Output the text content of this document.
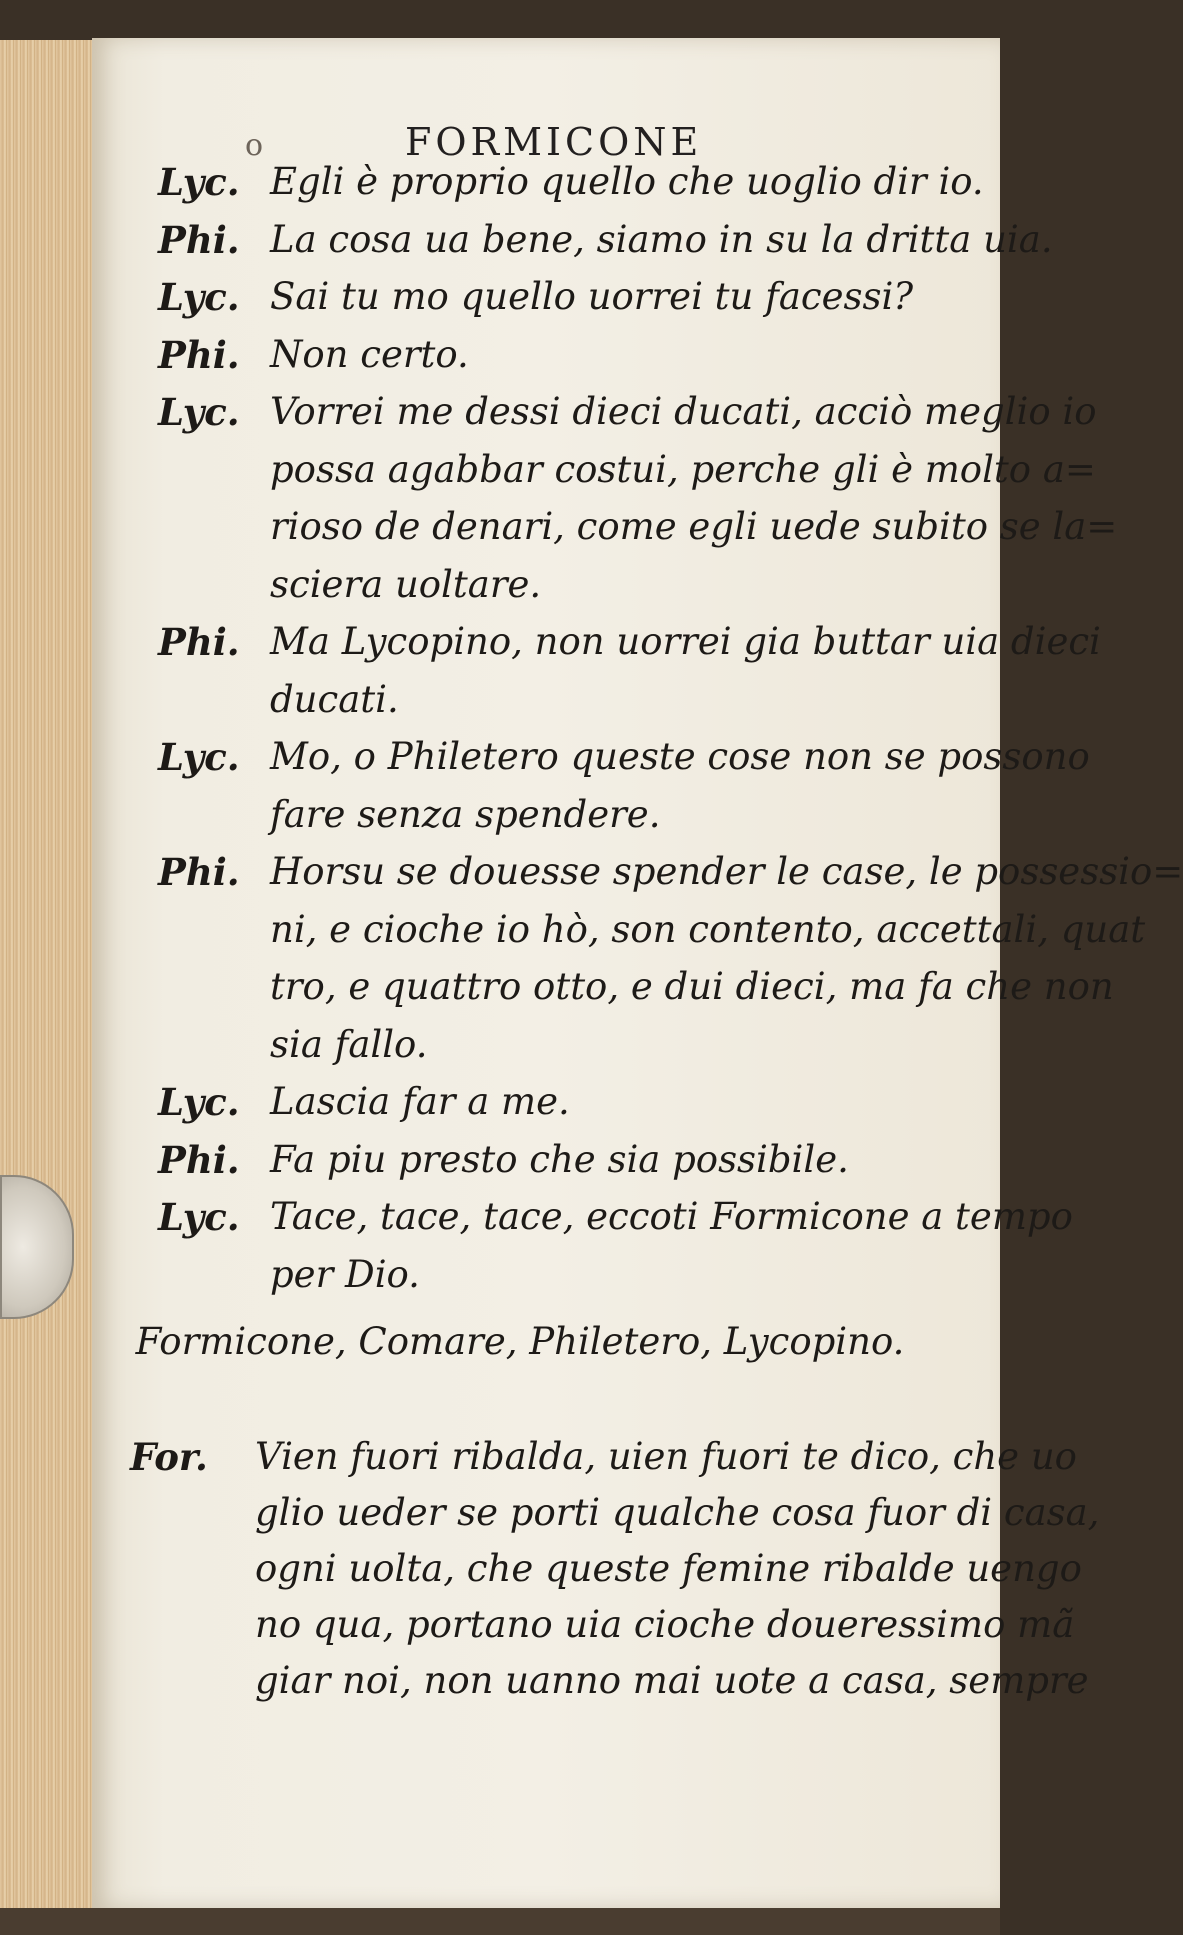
o	FORMICONE
Lyc. Egli è proprio quello che uoglio dir io.
Phi. La cosa ua bene, siamo in su la dritta uia.
Lyc. Sai tu mo quello uorrei tu facessi?
Phi. Non certo.
Lyc. Vorrei me dessi dieci ducati, acciò meglio io
possa agabbar costui, perche gli è molto a=
rioso de denari, come egli uede subito se la=
sciera uoltare.
Phi. Ma Lycopino, non uorrei gia buttar uia dieci
ducati.
Lyc. Mo, o Philetero queste cose non se possono
fare senza spendere.
Phi. Horsu se douesse spender le case, le possessio=
ni, e cioche io hò, son contento, accettali, quat
tro, e quattro otto, e dui dieci, ma fa che non
sia fallo.
Lyc. Lascia far a me.
Phi. Fa piu presto che sia possibile.
Lyc. Tace, tace, tace, eccoti Formicone a tempo
per Dio.
Formicone, Comare, Philetero, Lycopino.
For. Vien fuori ribalda, uien fuori te dico, che uo
glio ueder se porti qualche cosa fuor di casa,
ogni uolta, che queste femine ribalde uengo
no qua, portano uia cioche doueressimo mã
giar noi, non uanno mai uote a casa, sempre
